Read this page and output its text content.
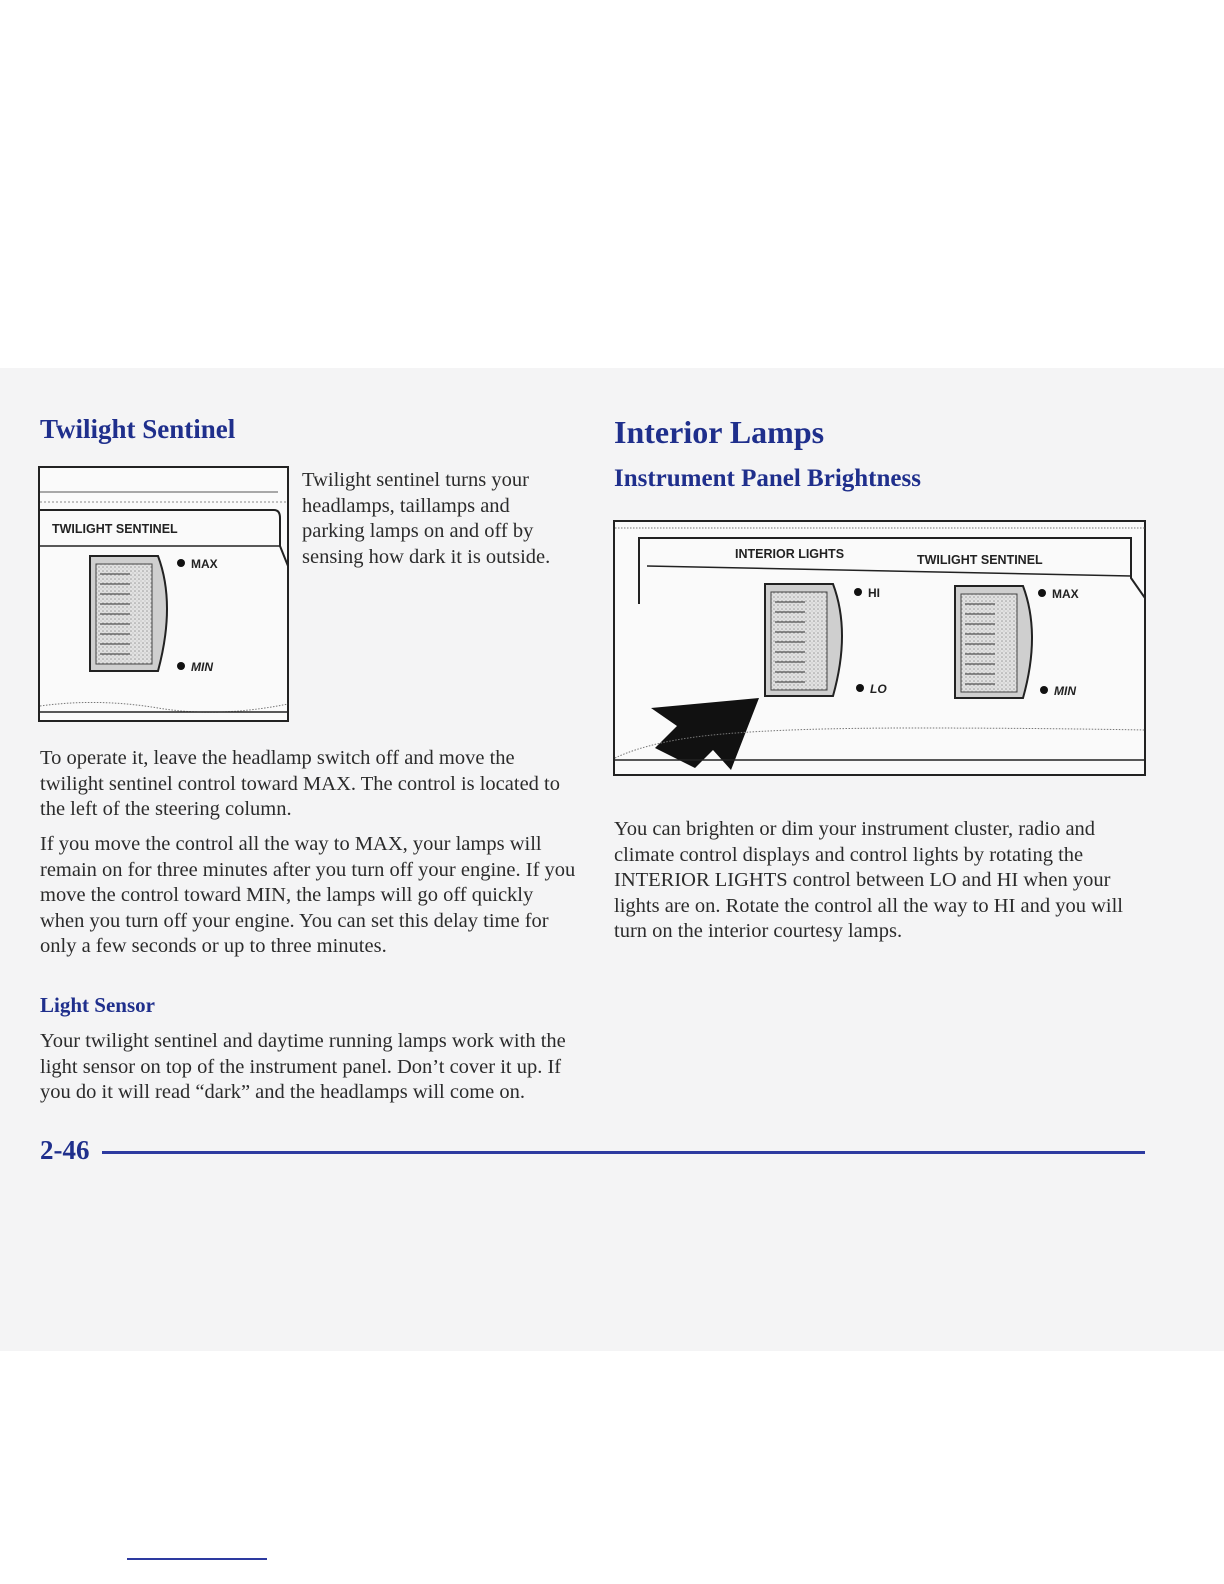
Twilight Sentinel
TWILIGHT SENTINEL
MAX
MIN

Twilight sentinel turns your headlamps, taillamps and parking lamps on and off by sensing how dark it is outside.

To operate it, leave the headlamp switch off and move the twilight sentinel control toward MAX. The control is located to the left of the steering column.

If you move the control all the way to MAX, your lamps will remain on for three minutes after you turn off your engine. If you move the control toward MIN, the lamps will go off quickly when you turn off your engine. You can set this delay time for only a few seconds or up to three minutes.

Light Sensor

Your twilight sentinel and daytime running lamps work with the light sensor on top of the instrument panel. Don’t cover it up. If you do it will read “dark” and the headlamps will come on.

Interior Lamps
Instrument Panel Brightness
INTERIOR LIGHTS	TWILIGHT SENTINEL
HI
LO
MAX
MIN

You can brighten or dim your instrument cluster, radio and climate control displays and control lights by rotating the INTERIOR LIGHTS control between LO and HI when your lights are on. Rotate the control all the way to HI and you will turn on the interior courtesy lamps.

2-46
